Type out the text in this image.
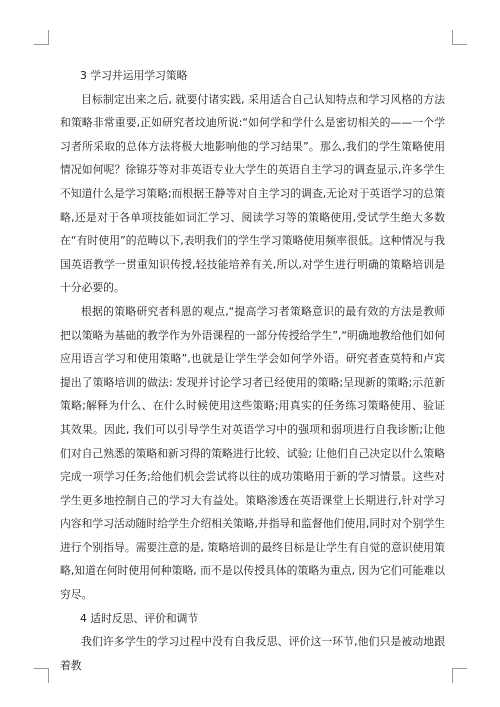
3 学习并运用学习策略

目标制定出来之后, 就要付诸实践, 采用适合自己认知特点和学习风格的方法和策略非常重要,正如研究者坟迪所说:“如何学和学什么是密切相关的——一个学习者所采取的总体方法将极大地影响他的学习结果”。那么,我们的学生策略使用情况如何呢？徐锦芬等对非英语专业大学生的英语自主学习的调查显示,许多学生不知道什么是学习策略;而根据王静等对自主学习的调查,无论对于英语学习的总策略,还是对于各单项技能如词汇学习、阅读学习等的策略使用,受试学生绝大多数在“有时使用”的范畴以下,表明我们的学生学习策略使用频率很低。这种情况与我国英语教学一贯重知识传授,轻技能培养有关,所以,对学生进行明确的策略培训是十分必要的。

根据的策略研究者科恩的观点,“提高学习者策略意识的最有效的方法是教师把以策略为基础的教学作为外语课程的一部分传授给学生”,“明确地教给他们如何应用语言学习和使用策略”,也就是让学生学会如何学外语。研究者查莫特和卢宾提出了策略培训的做法: 发现并讨论学习者已经使用的策略;呈现新的策略;示范新策略;解释为什么、在什么时候使用这些策略;用真实的任务练习策略使用、验证其效果。因此, 我们可以引导学生对英语学习中的强项和弱项进行自我诊断;让他们对自己熟悉的策略和新习得的策略进行比较、试验; 让他们自己决定以什么策略完成一项学习任务;给他们机会尝试将以往的成功策略用于新的学习情景。这些对学生更多地控制自己的学习大有益处。策略渗透在英语课堂上长期进行,针对学习内容和学习活动随时给学生介绍相关策略,并指导和监督他们使用,同时对个别学生进行个别指导。需要注意的是, 策略培训的最终目标是让学生有自觉的意识使用策略,知道在何时使用何种策略, 而不是以传授具体的策略为重点, 因为它们可能难以穷尽。

4 适时反思、评价和调节

我们许多学生的学习过程中没有自我反思、评价这一环节,他们只是被动地跟着教
